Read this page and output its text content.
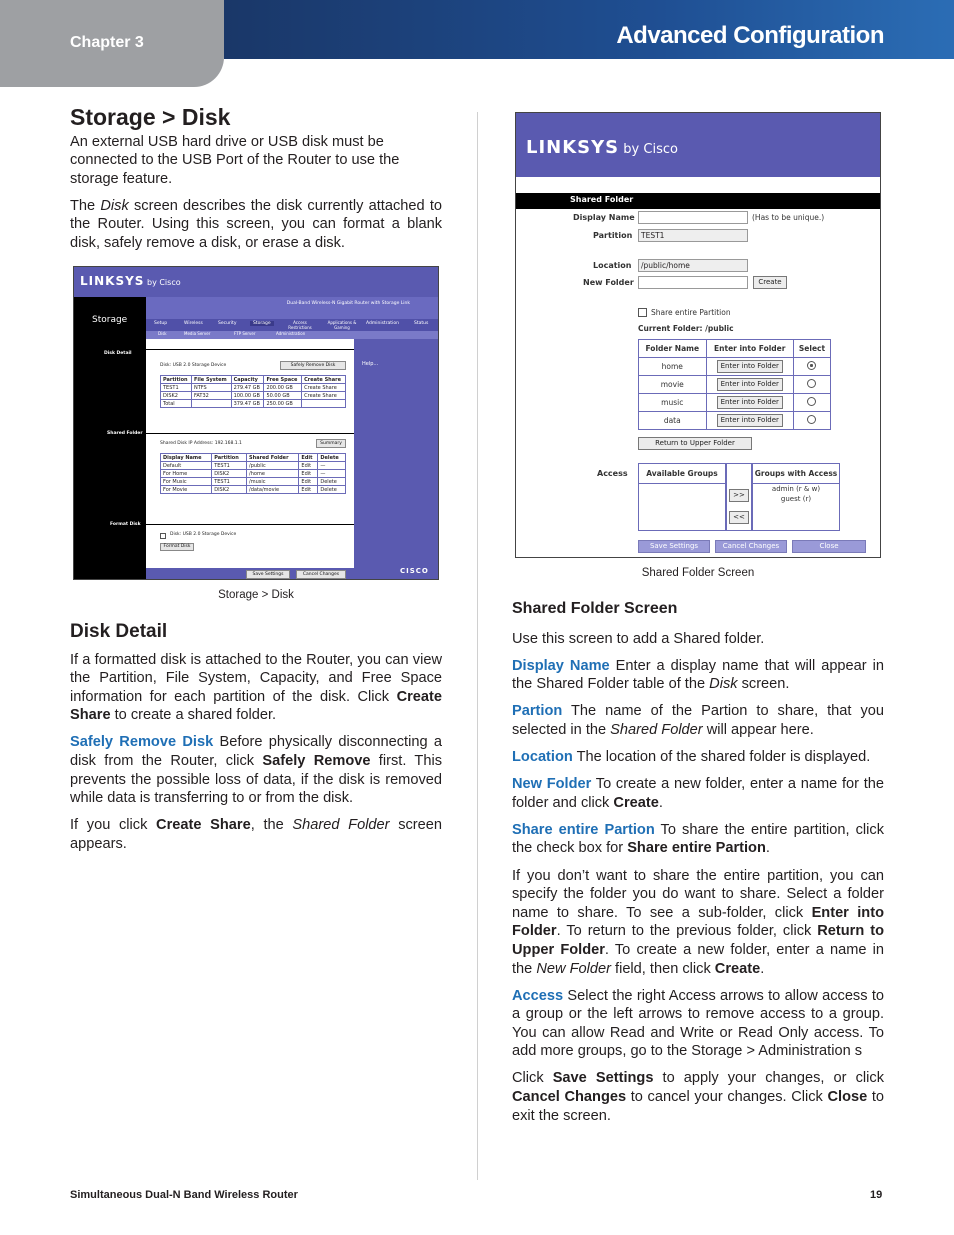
Chapter 3	Advanced Configuration
Storage > Disk

An external USB hard drive or USB disk must be connected to the USB Port of the Router to use the storage feature.

The Disk screen describes the disk currently attached to the Router. Using this screen, you can format a blank disk, safely remove a disk, or erase a disk.

LINKSYS by Cisco
Dual-Band Wireless-N Gigabit Router with Storage Link
Storage	Setup	Wireless	Security	Storage	Access Restrictions
Applications & Gaming
Administration	Status
Disk	Media Server	FTP Server	Administration
Help...
Disk Detail
Shared Folder
Format Disk
Disk: USB 2.0 Storage Device	Safely Remove Disk
Partition	File System	Capacity	Free Space	Create Share
TEST1	NTFS	279.47 GB	200.00 GB	Create Share
DISK2	FAT32	100.00 GB	50.00 GB	Create Share
Total		379.47 GB	250.00 GB	
Shared Disk IP Address: 192.168.1.1	Summary
Display Name	Partition	Shared Folder	Edit	Delete
Default	TEST1	/public	Edit	—
For Home	DISK2	/home	Edit	—
For Music	TEST1	/music	Edit	Delete
For Movie	DISK2	/data/movie	Edit	Delete
Disk: USB 2.0 Storage Device
Format Disk
Save Settings	Cancel Changes	CISCO
Storage > Disk
Disk Detail

If a formatted disk is attached to the Router, you can view the Partition, File System, Capacity, and Free Space information for each partition of the disk. Click Create Share to create a shared folder.

Safely Remove Disk Before physically disconnecting a disk from the Router, click Safely Remove first. This prevents the possible loss of data, if the disk is removed while data is transferring to or from the disk.

If you click Create Share, the Shared Folder screen appears.

LINKSYS by Cisco
Shared Folder
Display Name	(Has to be unique.)
Partition	TEST1
Location	/public/home
New Folder	Create
Share entire Partition
Current Folder: /public
Folder Name	Enter into Folder	Select
home	Enter into Folder	
movie	Enter into Folder	
music	Enter into Folder	
data	Enter into Folder	
Return to Upper Folder
Access	Available Groups
>>
<<
Groups with Access
admin (r & w)
guest (r)
Save Settings	Cancel Changes	Close
Shared Folder Screen
Shared Folder Screen

Use this screen to add a Shared folder.

Display Name Enter a display name that will appear in the Shared Folder table of the Disk screen.

Partion The name of the Partion to share, that you selected in the Shared Folder will appear here.

Location The location of the shared folder is displayed.

New Folder To create a new folder, enter a name for the folder and click Create.

Share entire Partion To share the entire partition, click the check box for Share entire Partion.

If you don’t want to share the entire partition, you can specify the folder you do want to share. Select a folder name to share. To see a sub-folder, click Enter into Folder. To return to the previous folder, click Return to Upper Folder. To create a new folder, enter a name in the New Folder field, then click Create.

Access Select the right Access arrows to allow access to a group or the left arrows to remove access to a group. You can allow Read and Write or Read Only access. To add more groups, go to the Storage > Administration s

Click Save Settings to apply your changes, or click Cancel Changes to cancel your changes. Click Close to exit the screen.

Simultaneous Dual-N Band Wireless Router	19
